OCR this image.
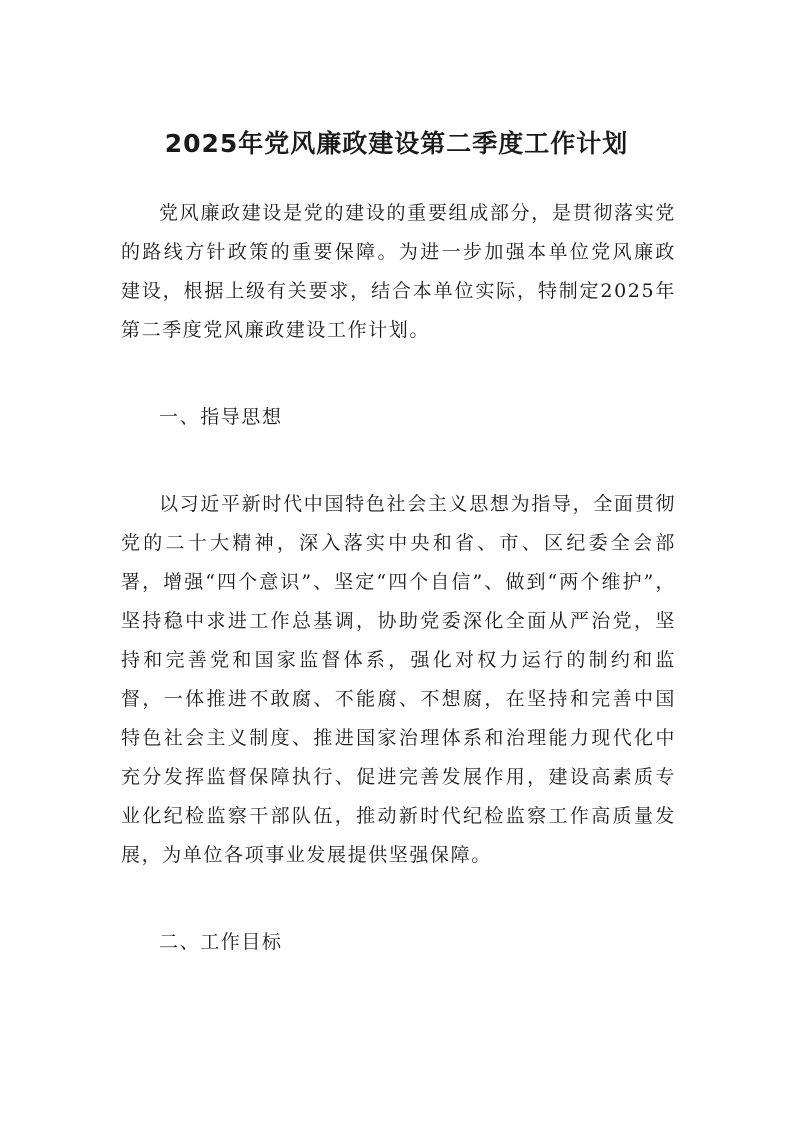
2025年党风廉政建设第二季度工作计划

党风廉政建设是党的建设的重要组成部分，是贯彻落实党的路线方针政策的重要保障。为进一步加强本单位党风廉政建设，根据上级有关要求，结合本单位实际，特制定2025年第二季度党风廉政建设工作计划。

一、指导思想

以习近平新时代中国特色社会主义思想为指导，全面贯彻党的二十大精神，深入落实中央和省、市、区纪委全会部署，增强“四个意识”、坚定“四个自信”、做到“两个维护”，坚持稳中求进工作总基调，协助党委深化全面从严治党，坚持和完善党和国家监督体系，强化对权力运行的制约和监督，一体推进不敢腐、不能腐、不想腐，在坚持和完善中国特色社会主义制度、推进国家治理体系和治理能力现代化中充分发挥监督保障执行、促进完善发展作用，建设高素质专业化纪检监察干部队伍，推动新时代纪检监察工作高质量发展，为单位各项事业发展提供坚强保障。

二、工作目标
